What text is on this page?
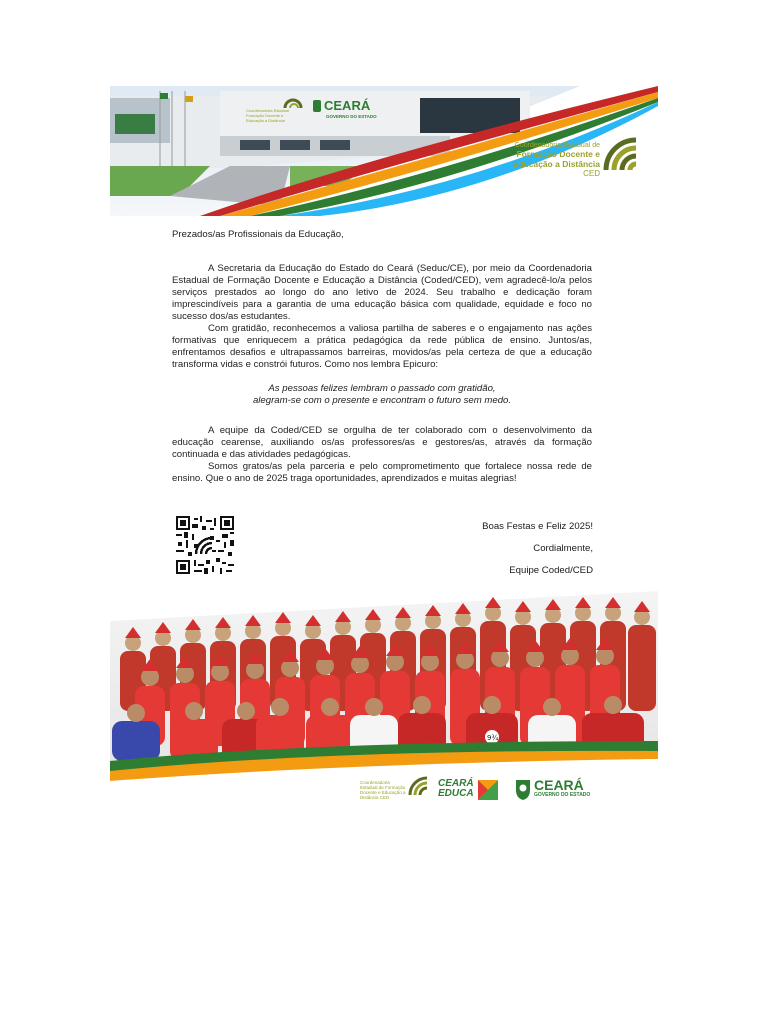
CEARÁ
GOVERNO DO ESTADO
Coordenadoria Estadual
Formação Docente e
Educação a Distância
Coordenadoria Estadual de
Formação Docente e
Educação a Distância
CED

Prezados/as Profissionais da Educação,

A Secretaria da Educação do Estado do Ceará (Seduc/CE), por meio da Coordenadoria Estadual de Formação Docente e Educação a Distância (Coded/CED), vem agradecê-lo/a pelos serviços prestados ao longo do ano letivo de 2024. Seu trabalho e dedicação foram imprescindíveis para a garantia de uma educação básica com qualidade, equidade e foco no sucesso dos/as estudantes.

Com gratidão, reconhecemos a valiosa partilha de saberes e o engajamento nas ações formativas que enriquecem a prática pedagógica da rede pública de ensino. Juntos/as, enfrentamos desafios e ultrapassamos barreiras, movidos/as pela certeza de que a educação transforma vidas e constrói futuros. Como nos lembra Epicuro:

As pessoas felizes lembram o passado com gratidão,
alegram-se com o presente e encontram o futuro sem medo.

A equipe da Coded/CED se orgulha de ter colaborado com o desenvolvimento da educação cearense, auxiliando os/as professores/as e gestores/as, através da formação continuada e das atividades pedagógicas.

Somos gratos/as pela parceria e pelo comprometimento que fortalece nossa rede de ensino. Que o ano de 2025 traga oportunidades, aprendizados e muitas alegrias!

Boas Festas e Feliz 2025!
Cordialmente,
Equipe Coded/CED
9¾
Coordenadoria Estadual de Formação Docente e Educação a Distância CED
CEARÁ
EDUCA
CEARÁ
GOVERNO DO ESTADO
